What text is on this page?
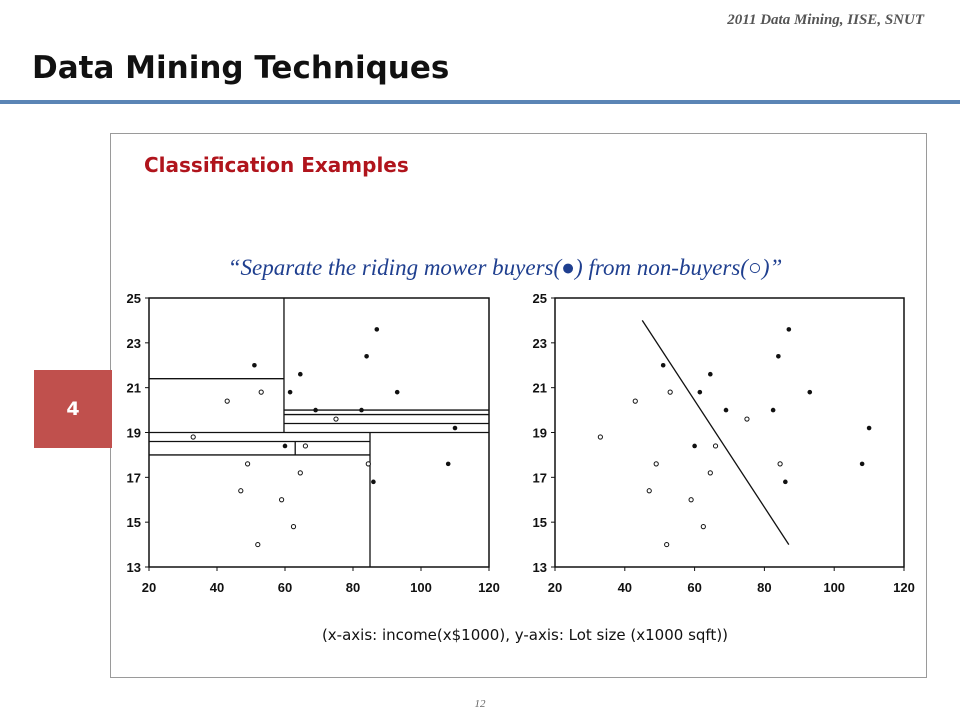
2011 Data Mining, IISE, SNUT
Data Mining Techniques
Classification Examples
“Separate the riding mower buyers(●) from non-buyers(○)”
4
13
15
17
19
21
23
25
20	40	60	80	100	120
13
15
17
19
21
23
25
20	40	60	80	100	120
(x-axis: income(x$1000), y-axis: Lot size (x1000 sqft))
12
